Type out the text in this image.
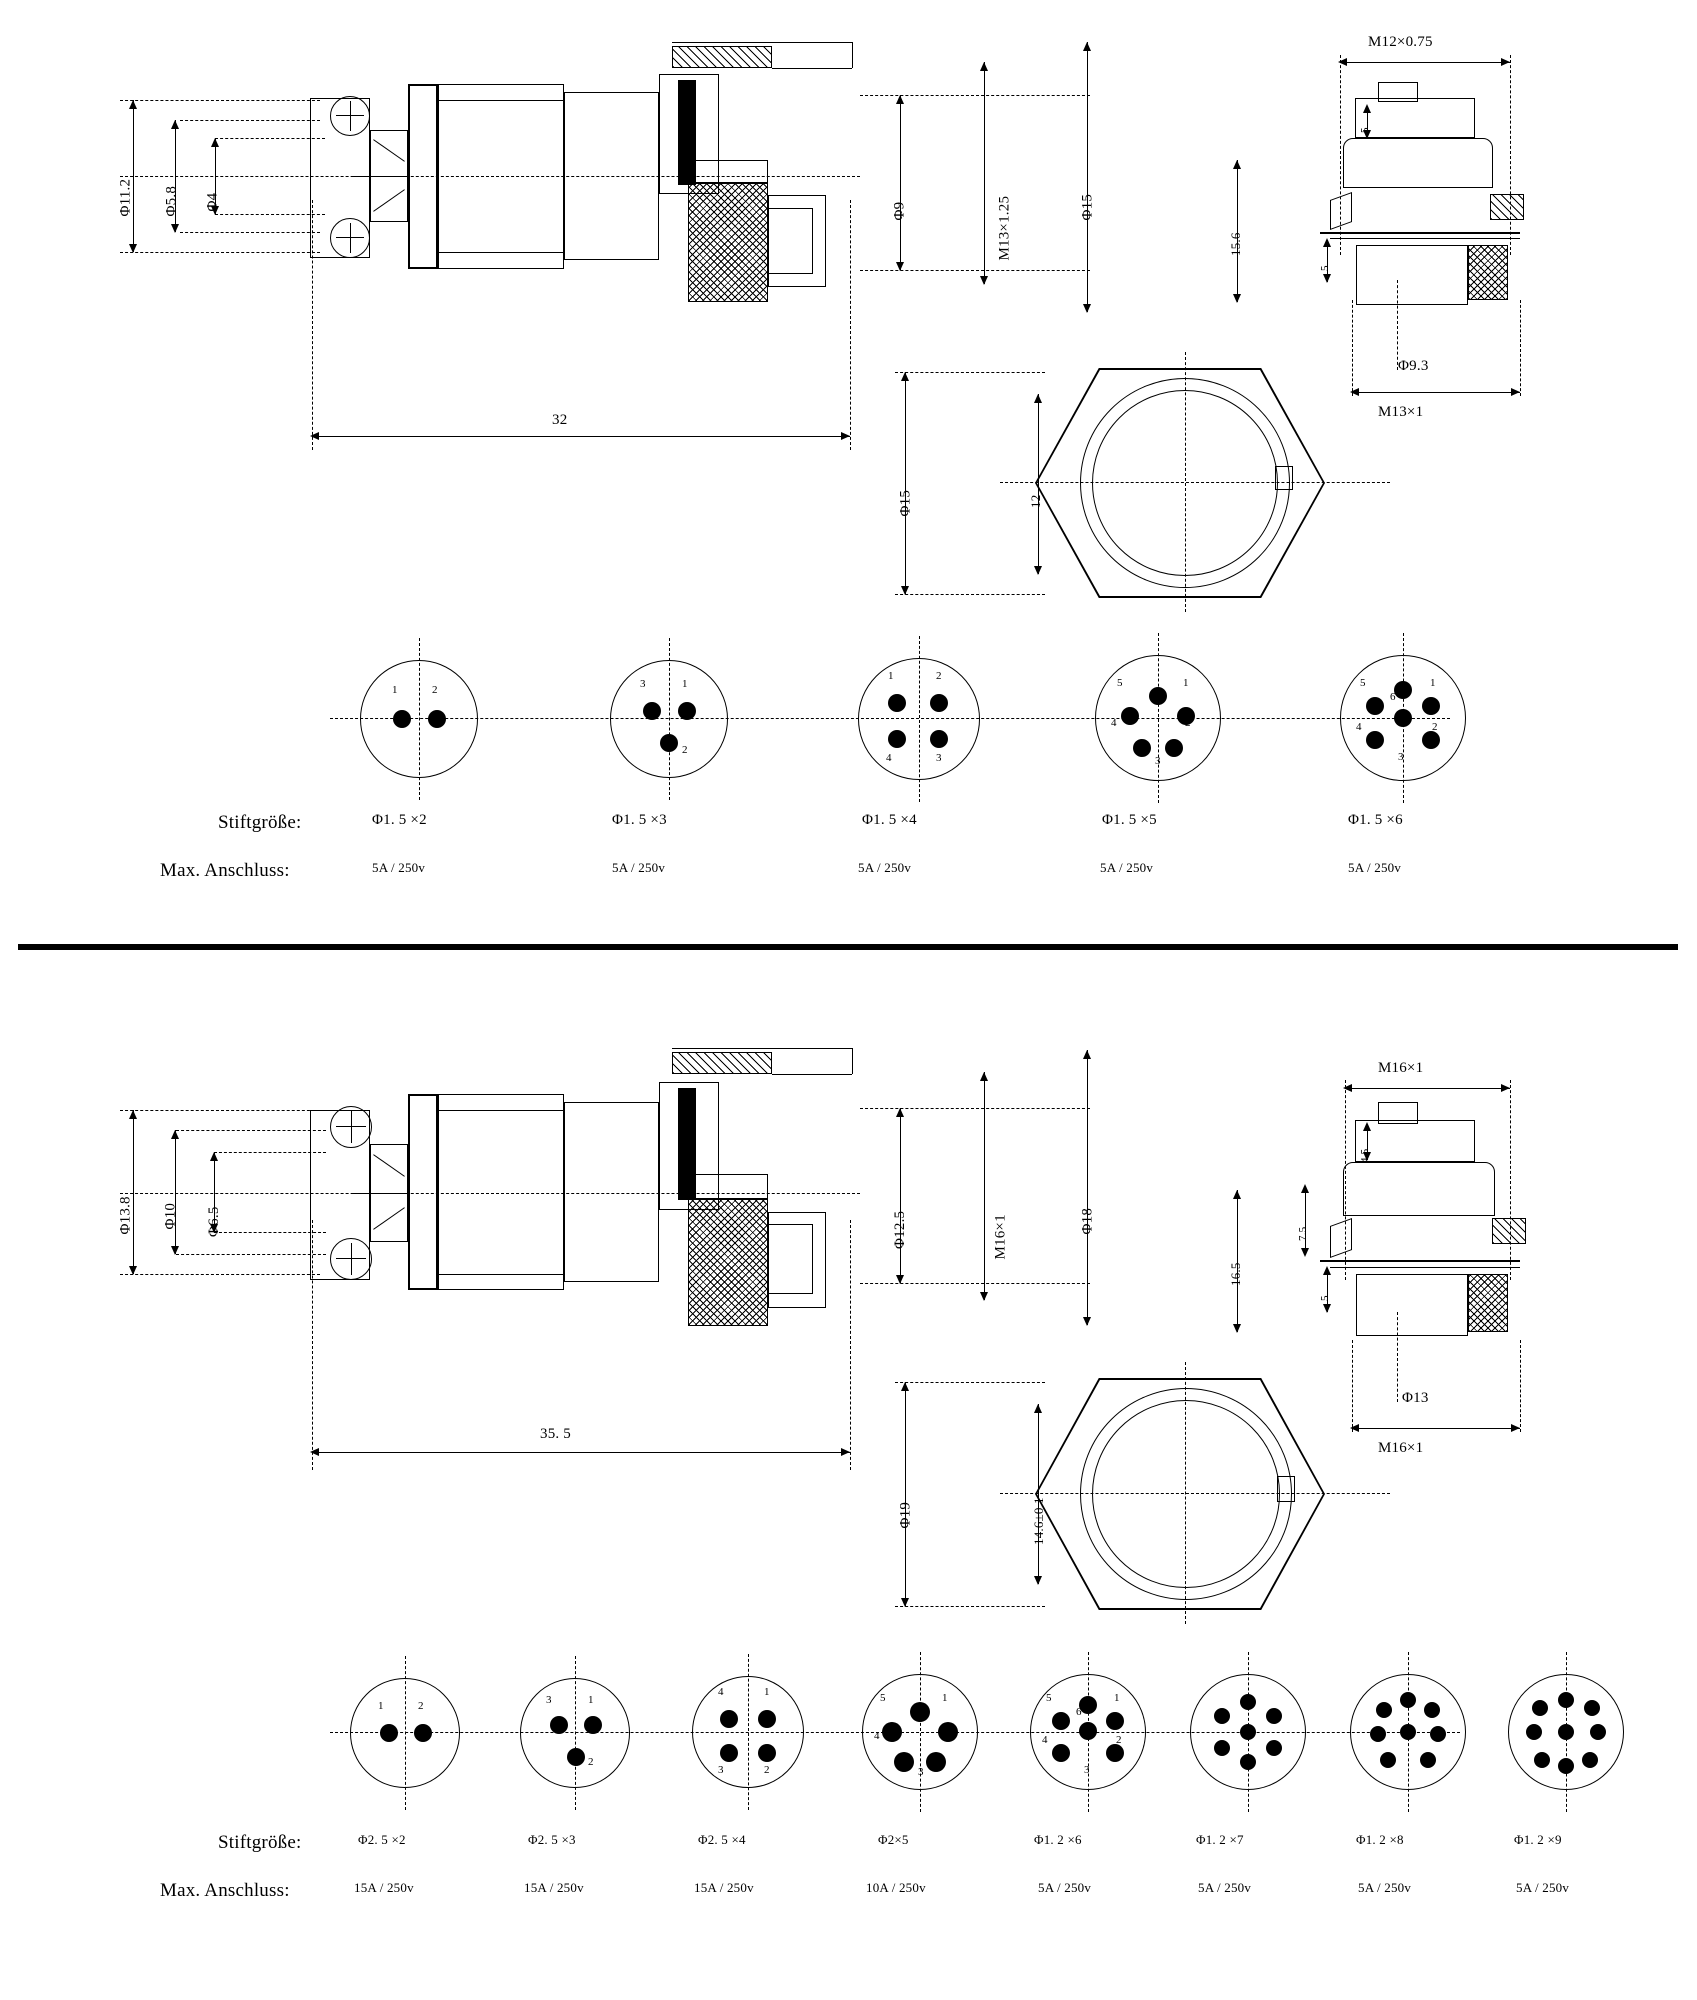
Φ11.2 Φ5.8 Φ4	Φ9	M13×1.25	Φ15
32
Φ15	12
M12×0.75
15.6
5
5
Φ9.3
M13×1
1	2	3	1
2
1	2
4	3
5	1
2
3
4
5
6
1
2
3
4
Stiftgröße:
Max. Anschluss:
Φ1. 5 ×2	Φ1. 5 ×3	Φ1. 5 ×4	Φ1. 5 ×5	Φ1. 5 ×6
5A / 250v	5A / 250v	5A / 250v	5A / 250v	5A / 250v
Φ13.8 Φ10 Φ6.5	Φ12.5	M16×1	Φ18
35. 5
Φ19	14.6±0.1
M16×1
4.5
7.5
16.5
5
Φ13
M16×1
1	2	3	1
2
4	1
3	2
5	1
2
3
4
5
6
1
2
3
4
Stiftgröße:
Max. Anschluss:
Φ2. 5 ×2	Φ2. 5 ×3	Φ2. 5 ×4	Φ2×5	Φ1. 2 ×6	Φ1. 2 ×7	Φ1. 2 ×8	Φ1. 2 ×9
15A / 250v	15A / 250v	15A / 250v	10A / 250v	5A / 250v	5A / 250v	5A / 250v	5A / 250v
